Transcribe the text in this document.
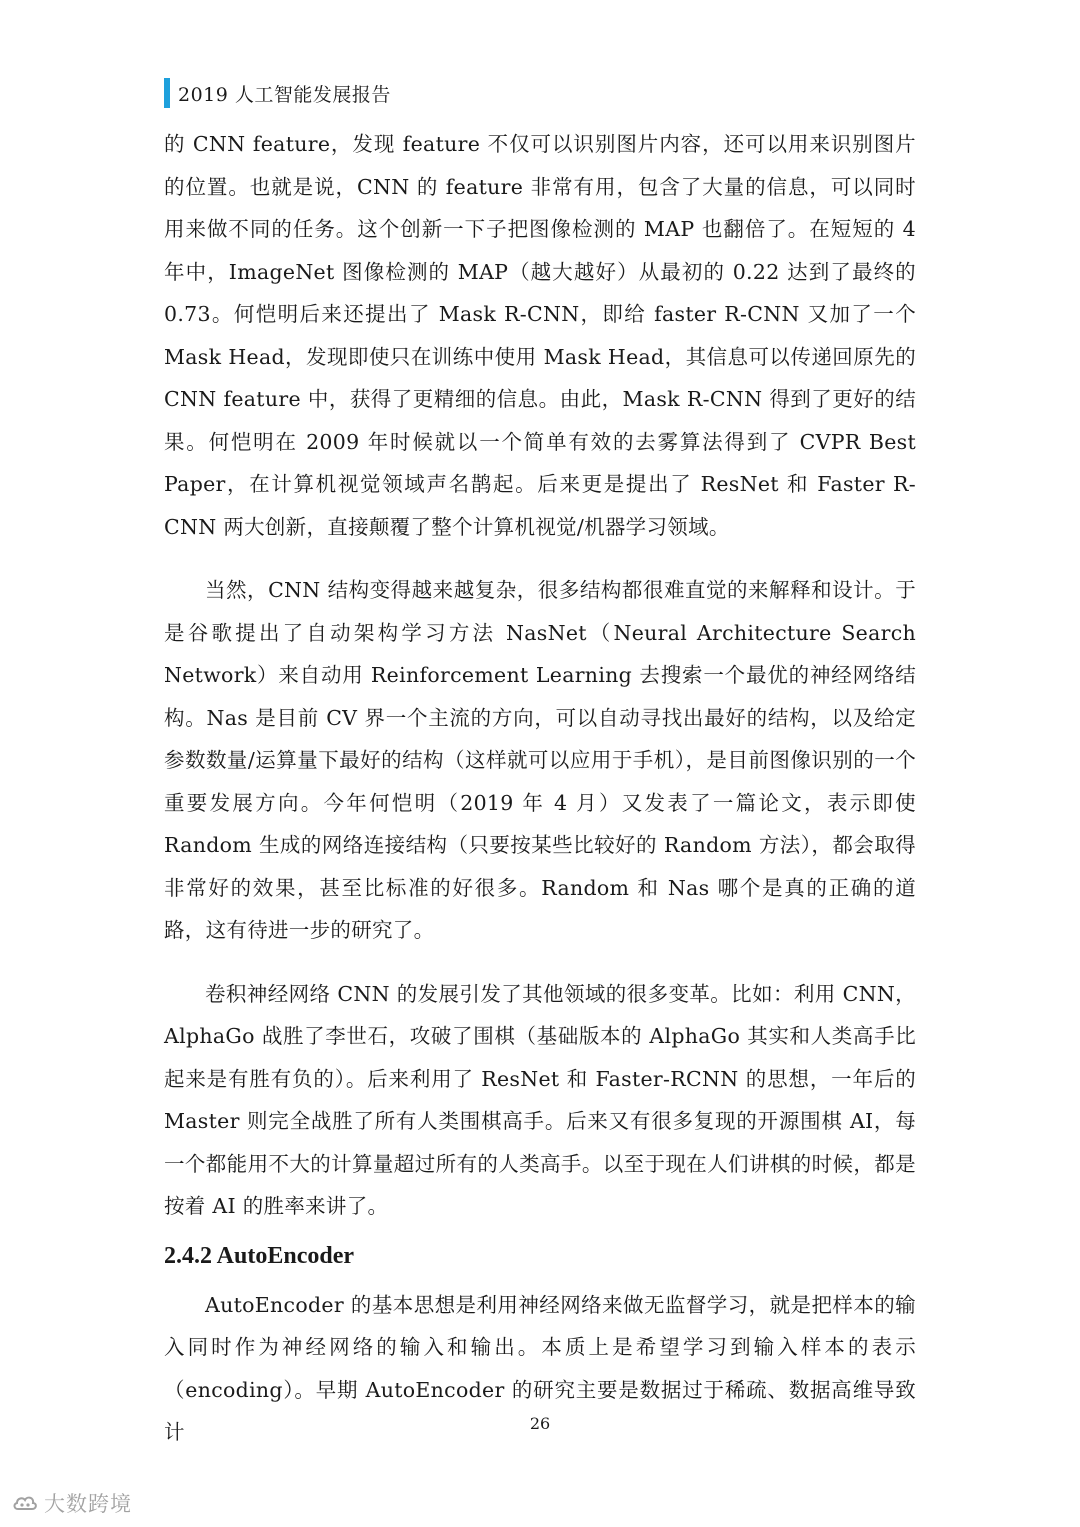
2019 人工智能发展报告

的 CNN feature，发现 feature 不仅可以识别图片内容，还可以用来识别图片的位置。也就是说，CNN 的 feature 非常有用，包含了大量的信息，可以同时用来做不同的任务。这个创新一下子把图像检测的 MAP 也翻倍了。在短短的 4 年中，ImageNet 图像检测的 MAP（越大越好）从最初的 0.22 达到了最终的 0.73。何恺明后来还提出了 Mask R-CNN，即给 faster R-CNN 又加了一个 Mask Head，发现即使只在训练中使用 Mask Head，其信息可以传递回原先的 CNN feature 中，获得了更精细的信息。由此，Mask R-CNN 得到了更好的结果。何恺明在 2009 年时候就以一个简单有效的去雾算法得到了 CVPR Best Paper，在计算机视觉领域声名鹊起。后来更是提出了 ResNet 和 Faster R-CNN 两大创新，直接颠覆了整个计算机视觉/机器学习领域。

当然，CNN 结构变得越来越复杂，很多结构都很难直觉的来解释和设计。于是谷歌提出了自动架构学习方法 NasNet（Neural Architecture Search Network）来自动用 Reinforcement Learning 去搜索一个最优的神经网络结构。Nas 是目前 CV 界一个主流的方向，可以自动寻找出最好的结构，以及给定参数数量/运算量下最好的结构（这样就可以应用于手机），是目前图像识别的一个重要发展方向。今年何恺明（2019 年 4 月）又发表了一篇论文，表示即使 Random 生成的网络连接结构（只要按某些比较好的 Random 方法），都会取得非常好的效果，甚至比标准的好很多。Random 和 Nas 哪个是真的正确的道路，这有待进一步的研究了。

卷积神经网络 CNN 的发展引发了其他领域的很多变革。比如：利用 CNN，AlphaGo 战胜了李世石，攻破了围棋（基础版本的 AlphaGo 其实和人类高手比起来是有胜有负的）。后来利用了 ResNet 和 Faster-RCNN 的思想，一年后的 Master 则完全战胜了所有人类围棋高手。后来又有很多复现的开源围棋 AI，每一个都能用不大的计算量超过所有的人类高手。以至于现在人们讲棋的时候，都是按着 AI 的胜率来讲了。

2.4.2 AutoEncoder

AutoEncoder 的基本思想是利用神经网络来做无监督学习，就是把样本的输入同时作为神经网络的输入和输出。本质上是希望学习到输入样本的表示（encoding）。早期 AutoEncoder 的研究主要是数据过于稀疏、数据高维导致计	26
大数跨境
